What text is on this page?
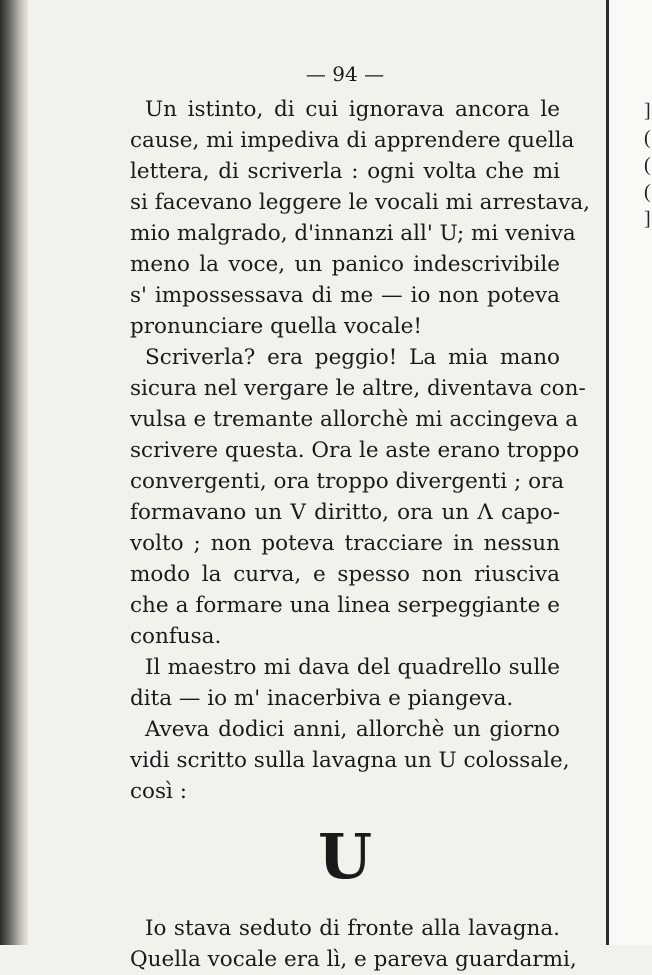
]
(
(
(
]
— 94 —
Un istinto, di cui ignorava ancora le
cause, mi impediva di apprendere quella
lettera, di scriverla : ogni volta che mi
si facevano leggere le vocali mi arrestava,
mio malgrado, d'innanzi all' U; mi veniva
meno la voce, un panico indescrivibile
s' impossessava di me — io non poteva
pronunciare quella vocale!
Scriverla? era peggio! La mia mano
sicura nel vergare le altre, diventava con-
vulsa e tremante allorchè mi accingeva a
scrivere questa. Ora le aste erano troppo
convergenti, ora troppo divergenti ; ora
formavano un V diritto, ora un Λ capo-
volto ; non poteva tracciare in nessun
modo la curva, e spesso non riusciva
che a formare una linea serpeggiante e
confusa.
Il maestro mi dava del quadrello sulle
dita — io m' inacerbiva e piangeva.
Aveva dodici anni, allorchè un giorno
vidi scritto sulla lavagna un U colossale,
così :
U
Io stava seduto di fronte alla lavagna.
Quella vocale era lì, e pareva guardarmi,
